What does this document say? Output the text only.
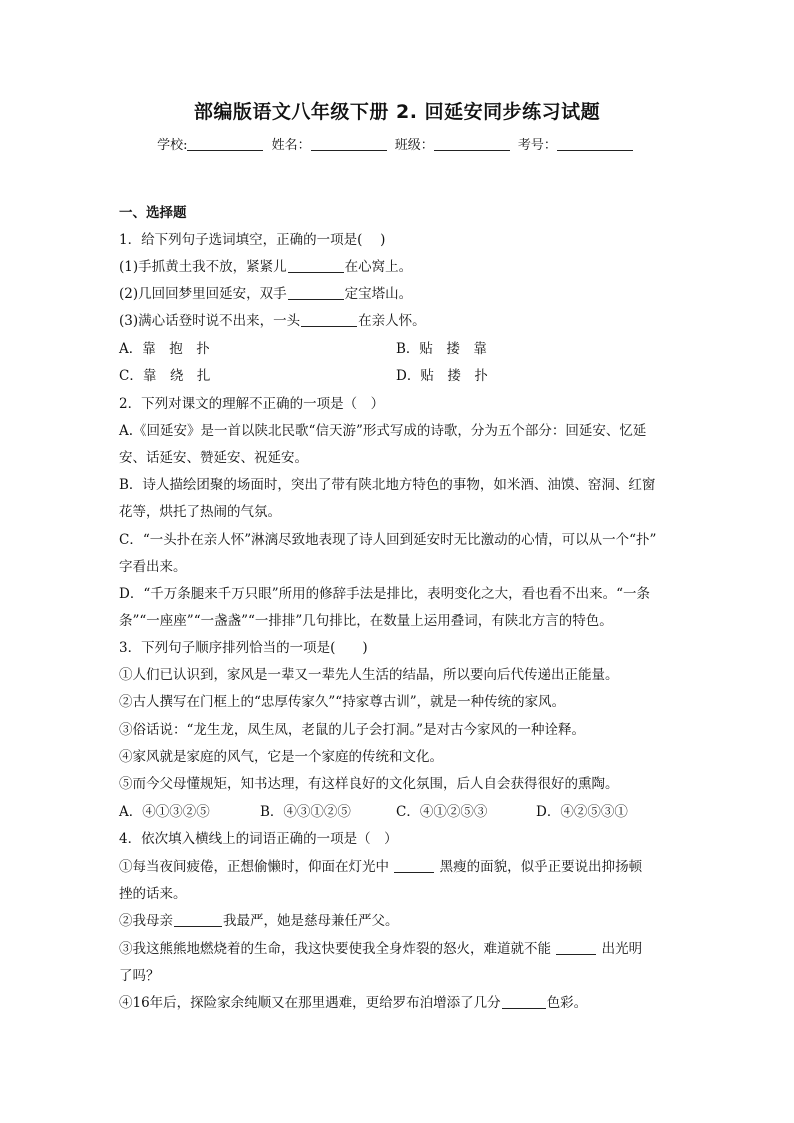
部编版语文八年级下册 2. 回延安同步练习试题
学校:	姓名：	班级：	考号：
一、选择题
1．给下列句子选词填空，正确的一项是(　 )
(1)手抓黄土我不放，紧紧儿	在心窝上。
(2)几回回梦里回延安，双手	定宝塔山。
(3)满心话登时说不出来，一头	在亲人怀。
A．靠　抱　扑	B．贴　搂　靠
C．靠　绕　扎	D．贴　搂　扑
2．下列对课文的理解不正确的一项是（　）
A.《回延安》是一首以陕北民歌“信天游”形式写成的诗歌，分为五个部分：回延安、忆延
安、话延安、赞延安、祝延安。
B．诗人描绘团聚的场面时，突出了带有陕北地方特色的事物，如米酒、油馍、窑洞、红窗
花等，烘托了热闹的气氛。
C．“一头扑在亲人怀”淋漓尽致地表现了诗人回到延安时无比激动的心情，可以从一个“扑”
字看出来。
D．“千万条腿来千万只眼”所用的修辞手法是排比，表明变化之大，看也看不出来。“一条
条”“一座座”“一盏盏”“一排排”几句排比，在数量上运用叠词，有陕北方言的特色。
3．下列句子顺序排列恰当的一项是(　　)
①人们已认识到，家风是一辈又一辈先人生活的结晶，所以要向后代传递出正能量。
②古人撰写在门框上的“忠厚传家久”“持家尊古训”，就是一种传统的家风。
③俗话说：“龙生龙，凤生凤，老鼠的儿子会打洞。”是对古今家风的一种诠释。
④家风就是家庭的风气，它是一个家庭的传统和文化。
⑤而今父母懂规矩，知书达理，有这样良好的文化氛围，后人自会获得很好的熏陶。
A．④①③②⑤	B．④③①②⑤	C．④①②⑤③	D．④②⑤③①
4．依次填入横线上的词语正确的一项是（　）
①每当夜间疲倦，正想偷懒时，仰面在灯光中	黑瘦的面貌，似乎正要说出抑扬顿
挫的话来。
②我母亲	我最严，她是慈母兼任严父。
③我这熊熊地燃烧着的生命，我这快要使我全身炸裂的怒火，难道就不能	出光明
了吗？
④16年后，探险家余纯顺又在那里遇难，更给罗布泊增添了几分	色彩。
